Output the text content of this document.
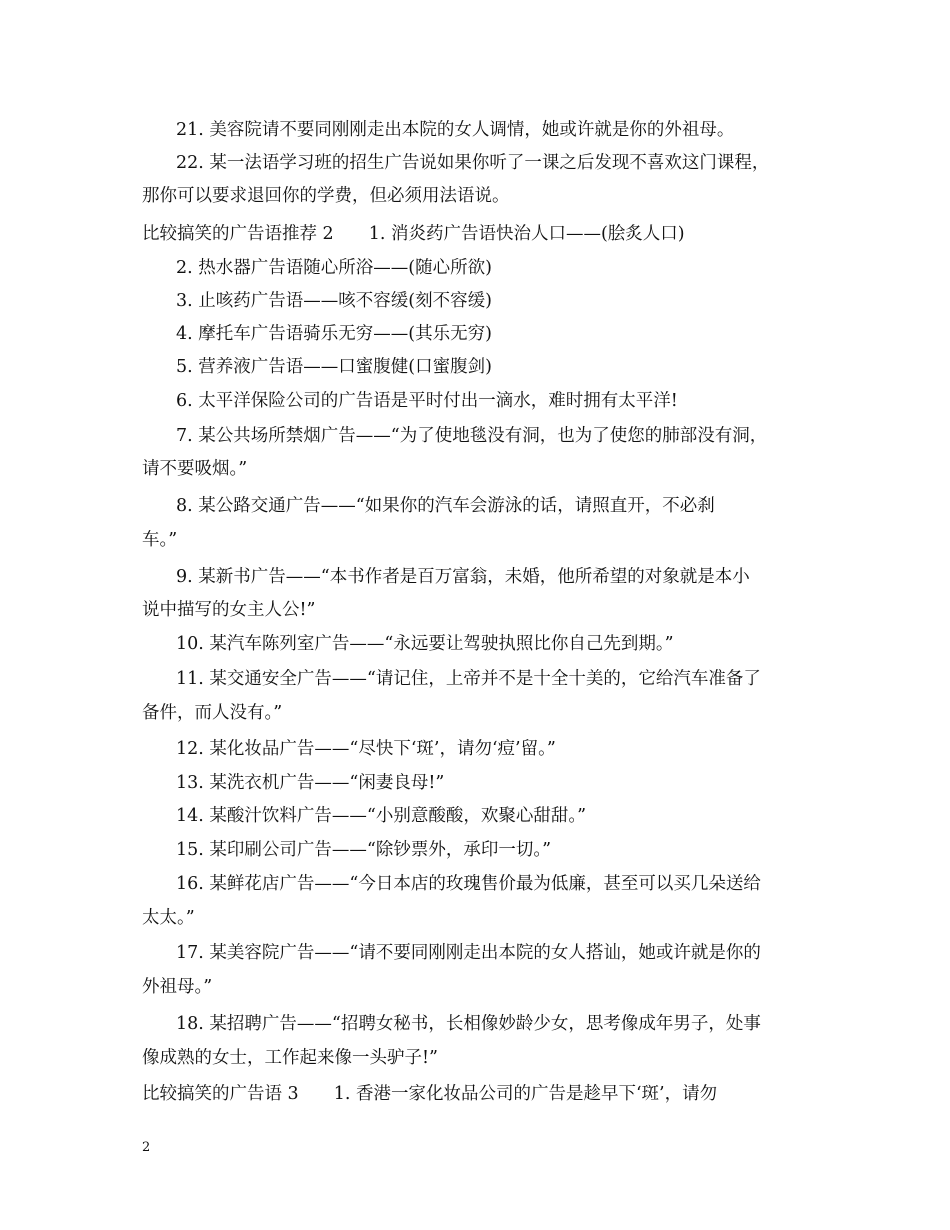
21. 美容院请不要同刚刚走出本院的女人调情，她或许就是你的外祖母。
22. 某一法语学习班的招生广告说如果你听了一课之后发现不喜欢这门课程，
那你可以要求退回你的学费，但必须用法语说。
比较搞笑的广告语推荐 2　　1. 消炎药广告语快治人口——(脍炙人口)
2. 热水器广告语随心所浴——(随心所欲)
3. 止咳药广告语——咳不容缓(刻不容缓)
4. 摩托车广告语骑乐无穷——(其乐无穷)
5. 营养液广告语——口蜜腹健(口蜜腹剑)
6. 太平洋保险公司的广告语是平时付出一滴水，难时拥有太平洋!
7. 某公共场所禁烟广告——“为了使地毯没有洞，也为了使您的肺部没有洞，
请不要吸烟。”
8. 某公路交通广告——“如果你的汽车会游泳的话，请照直开，不必刹
车。”
9. 某新书广告——“本书作者是百万富翁，未婚，他所希望的对象就是本小
说中描写的女主人公!”
10. 某汽车陈列室广告——“永远要让驾驶执照比你自己先到期。”
11. 某交通安全广告——“请记住，上帝并不是十全十美的，它给汽车准备了
备件，而人没有。”
12. 某化妆品广告——“尽快下‘斑’，请勿‘痘’留。”
13. 某洗衣机广告——“闲妻良母!”
14. 某酸汁饮料广告——“小别意酸酸，欢聚心甜甜。”
15. 某印刷公司广告——“除钞票外，承印一切。”
16. 某鲜花店广告——“今日本店的玫瑰售价最为低廉，甚至可以买几朵送给
太太。”
17. 某美容院广告——“请不要同刚刚走出本院的女人搭讪，她或许就是你的
外祖母。”
18. 某招聘广告——“招聘女秘书，长相像妙龄少女，思考像成年男子，处事
像成熟的女士，工作起来像一头驴子!”
比较搞笑的广告语 3　　1. 香港一家化妆品公司的广告是趁早下‘斑’，请勿
2
